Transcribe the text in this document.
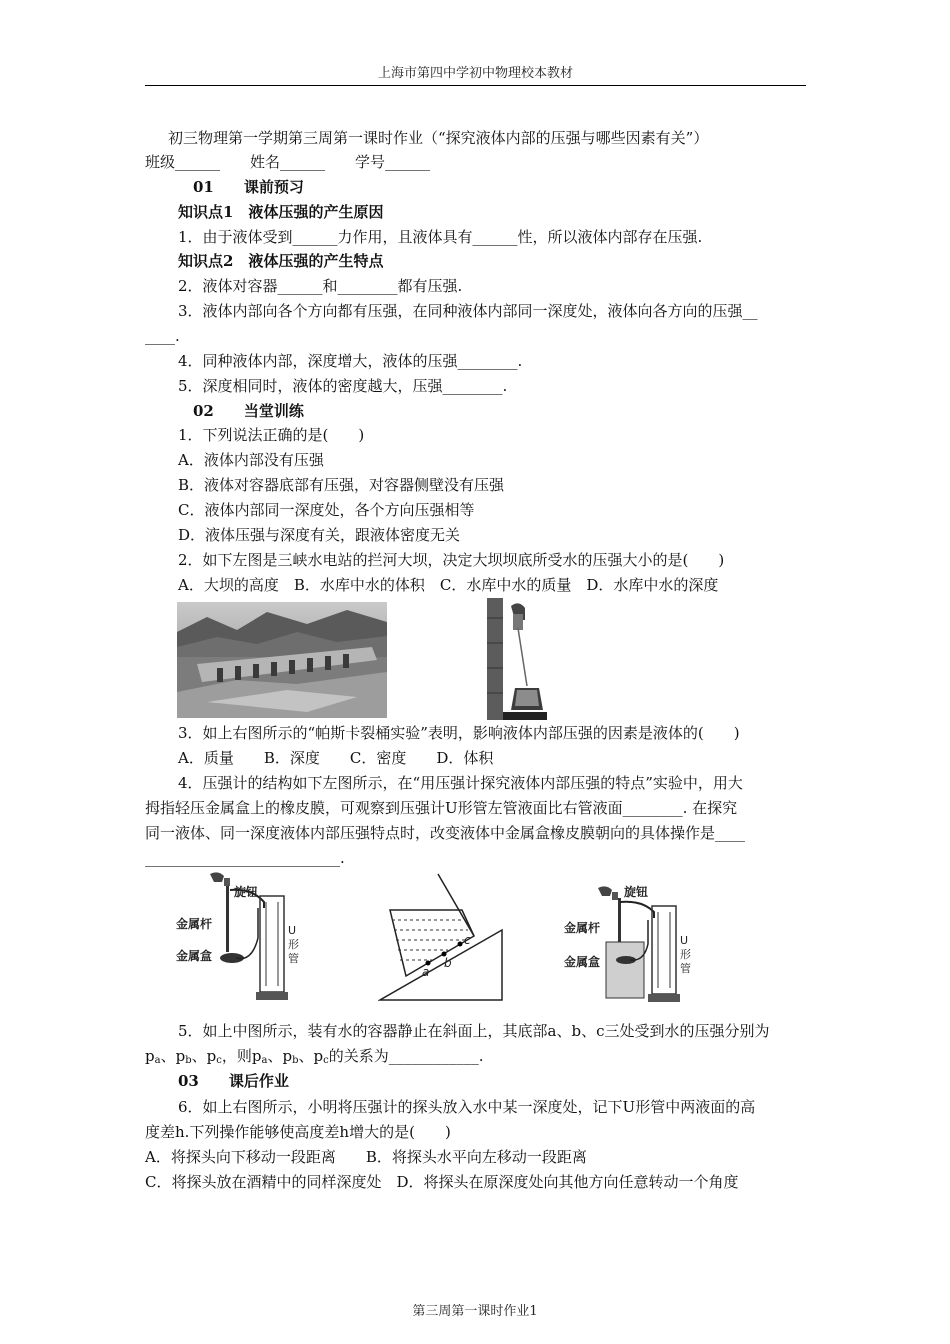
上海市第四中学初中物理校本教材
初三物理第一学期第三周第一课时作业（“探究液体内部的压强与哪些因素有关”）
班级______　　姓名______　　学号______
01　　课前预习
知识点1　液体压强的产生原因
1．由于液体受到______力作用，且液体具有______性，所以液体内部存在压强.
知识点2　液体压强的产生特点
2．液体对容器______和________都有压强.
3．液体内部向各个方向都有压强，在同种液体内部同一深度处，液体向各方向的压强__
____.
4．同种液体内部，深度增大，液体的压强________.
5．深度相同时，液体的密度越大，压强________.
02　　当堂训练
1．下列说法正确的是(　　)
A．液体内部没有压强
B．液体对容器底部有压强，对容器侧壁没有压强
C．液体内部同一深度处，各个方向压强相等
D．液体压强与深度有关，跟液体密度无关
2．如下左图是三峡水电站的拦河大坝，决定大坝坝底所受水的压强大小的是(　　)
A．大坝的高度　B．水库中水的体积　C．水库中水的质量　D．水库中水的深度
3．如上右图所示的“帕斯卡裂桶实验”表明，影响液体内部压强的因素是液体的(　　)
A．质量　　B．深度　　C．密度　　D．体积
4．压强计的结构如下左图所示，在“用压强计探究液体内部压强的特点”实验中，用大
拇指轻压金属盒上的橡皮膜，可观察到压强计U形管左管液面比右管液面________. 在探究
同一液体、同一深度液体内部压强特点时，改变液体中金属盒橡皮膜朝向的具体操作是____
__________________________.
旋钮
金属杆
金属盒
U
形
管
a
b
c
旋钮
金属杆
金属盒
U
形
管
5．如上中图所示，装有水的容器静止在斜面上，其底部a、b、c三处受到水的压强分别为
$p_a$、$p_b$、$p_c$，则$p_a$、$p_b$、$p_c$的关系为____________.
03　　课后作业
6．如上右图所示，小明将压强计的探头放入水中某一深度处，记下U形管中两液面的高
度差h.下列操作能够使高度差h增大的是(　　)
A．将探头向下移动一段距离　　B．将探头水平向左移动一段距离
C．将探头放在酒精中的同样深度处　D．将探头在原深度处向其他方向任意转动一个角度
第三周第一课时作业1
